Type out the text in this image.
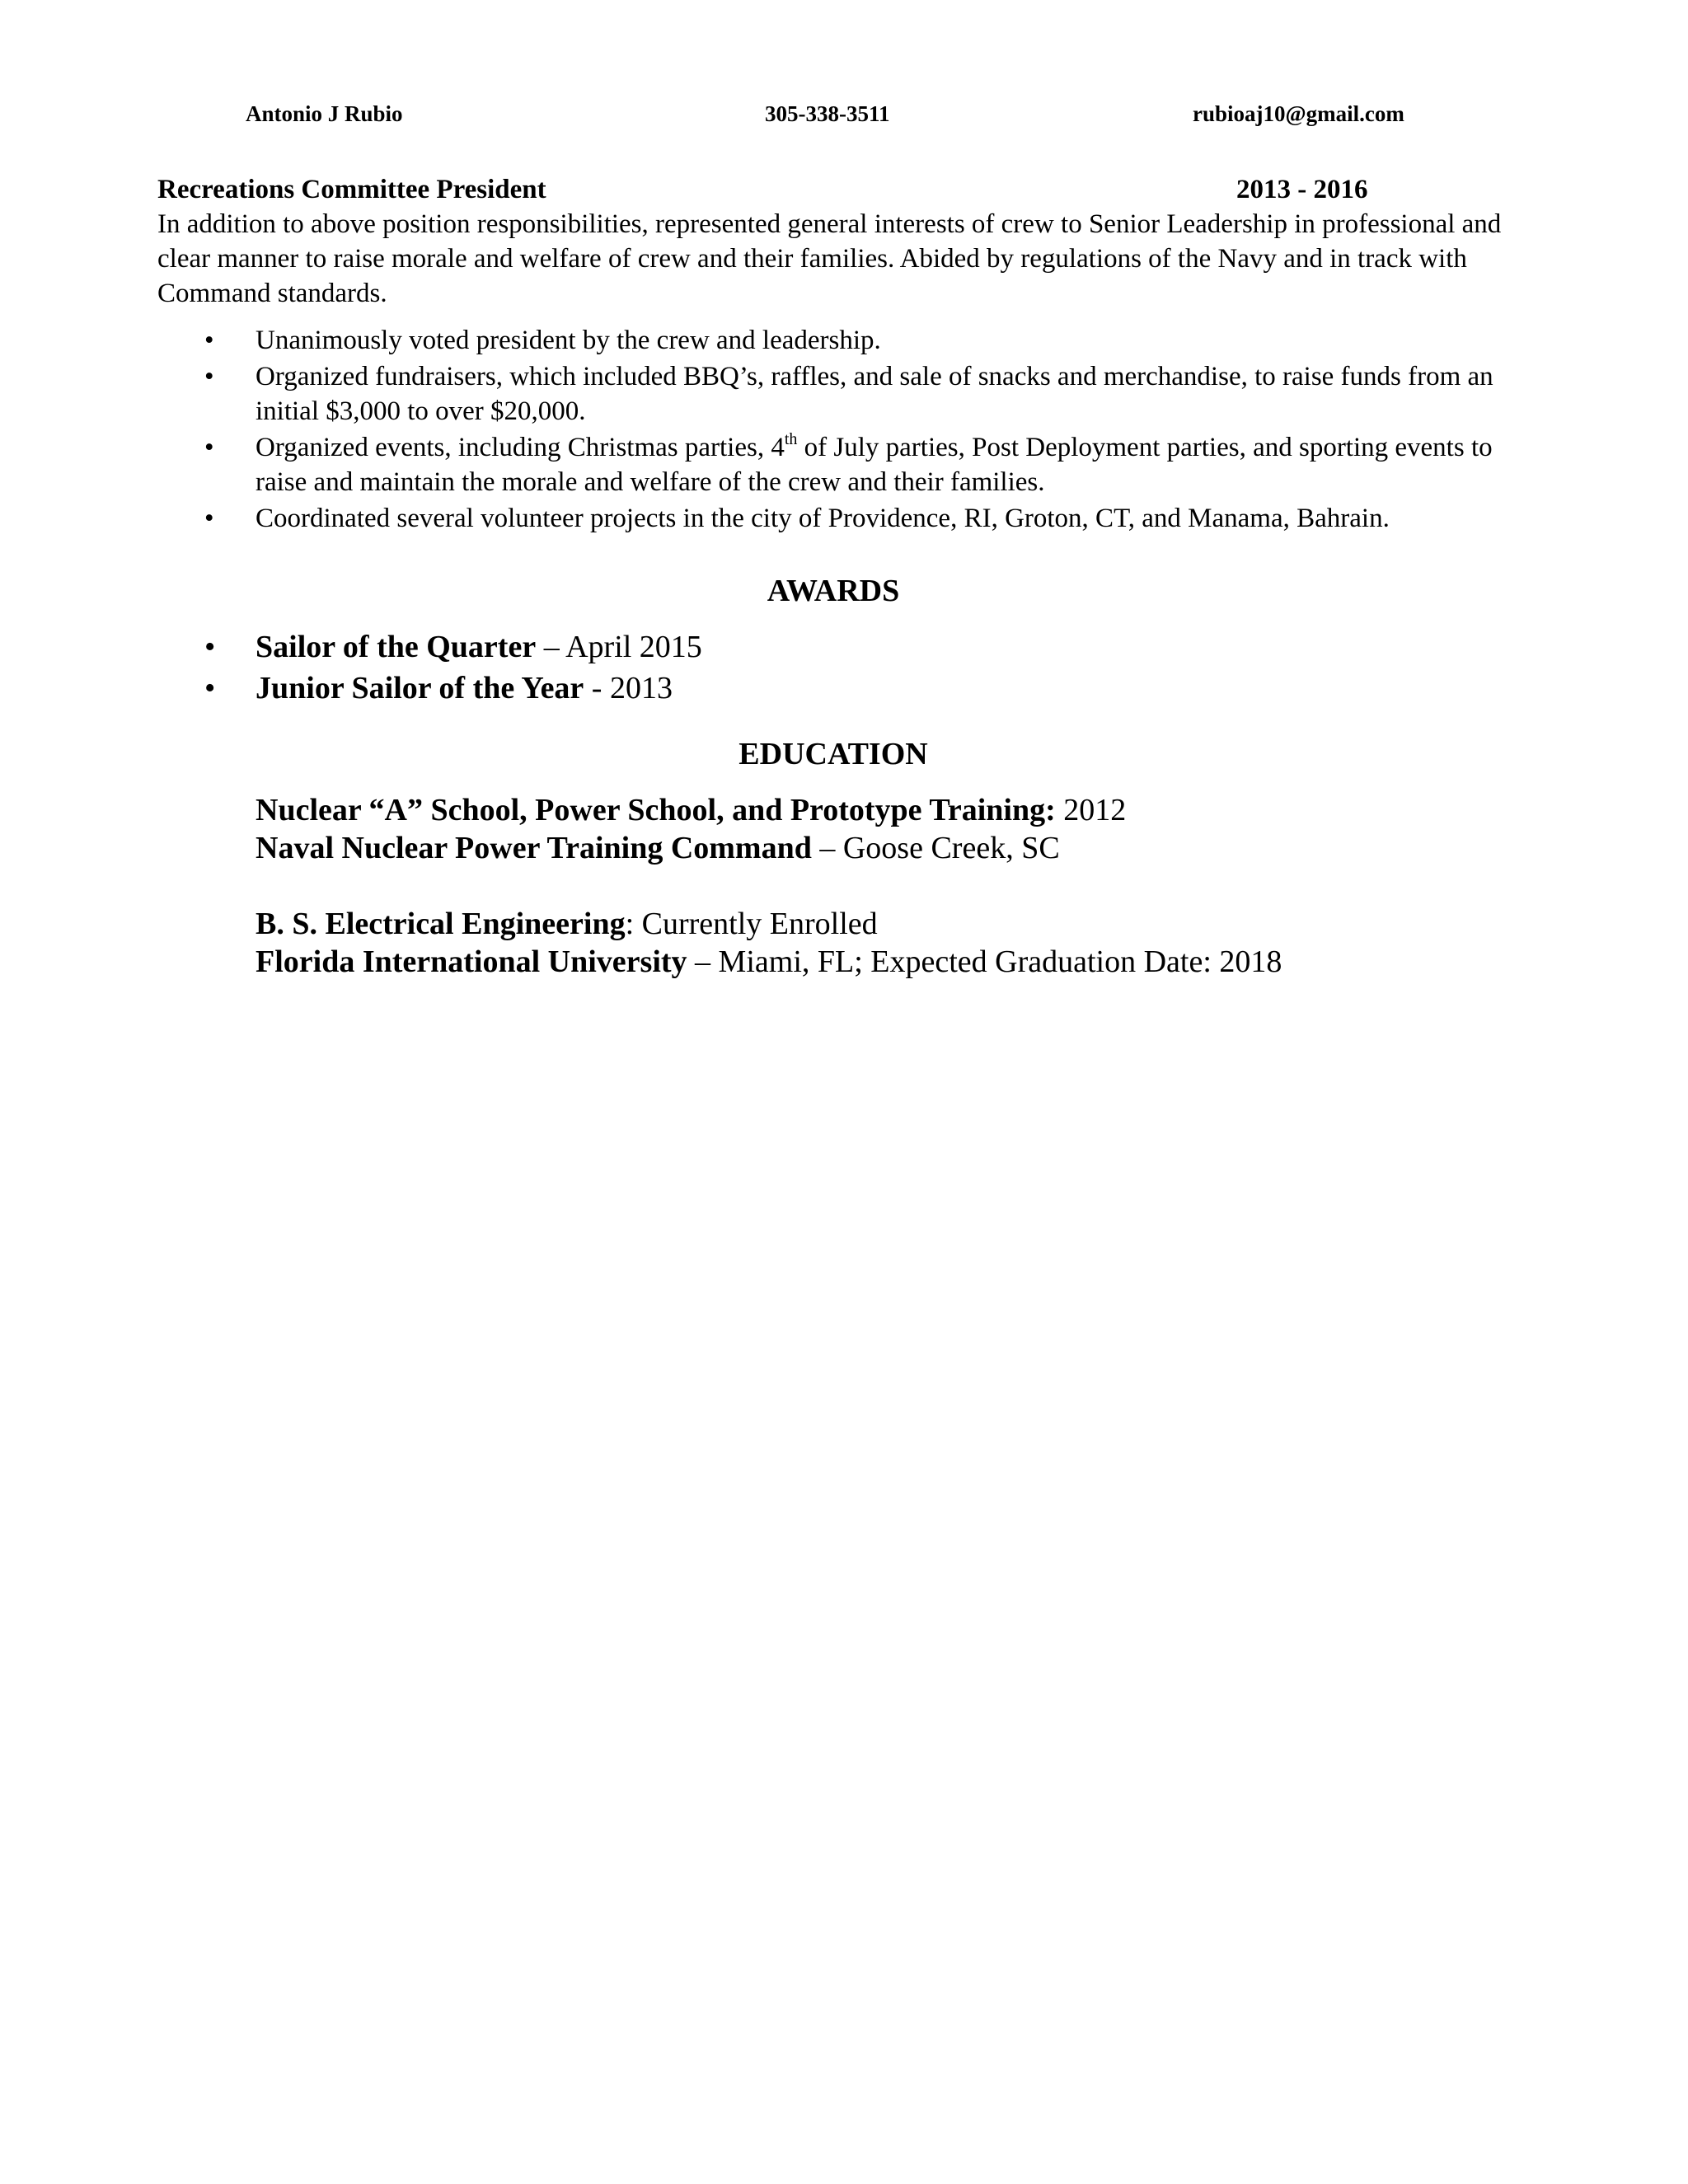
Antonio J Rubio	305-338-3511	rubioaj10@gmail.com
Recreations Committee President	2013 - 2016
In addition to above position responsibilities, represented general interests of crew to Senior Leadership in professional and clear manner to raise morale and welfare of crew and their families. Abided by regulations of the Navy and in track with Command standards.
• Unanimously voted president by the crew and leadership.
• Organized fundraisers, which included BBQ’s, raffles, and sale of snacks and merchandise, to raise funds from an initial $3,000 to over $20,000.
• Organized events, including Christmas parties, 4th of July parties, Post Deployment parties, and sporting events to raise and maintain the morale and welfare of the crew and their families.
• Coordinated several volunteer projects in the city of Providence, RI, Groton, CT, and Manama, Bahrain.
AWARDS
• Sailor of the Quarter – April 2015
• Junior Sailor of the Year - 2013
EDUCATION
Nuclear “A” School, Power School, and Prototype Training: 2012
Naval Nuclear Power Training Command – Goose Creek, SC
B. S. Electrical Engineering: Currently Enrolled
Florida International University – Miami, FL; Expected Graduation Date: 2018
